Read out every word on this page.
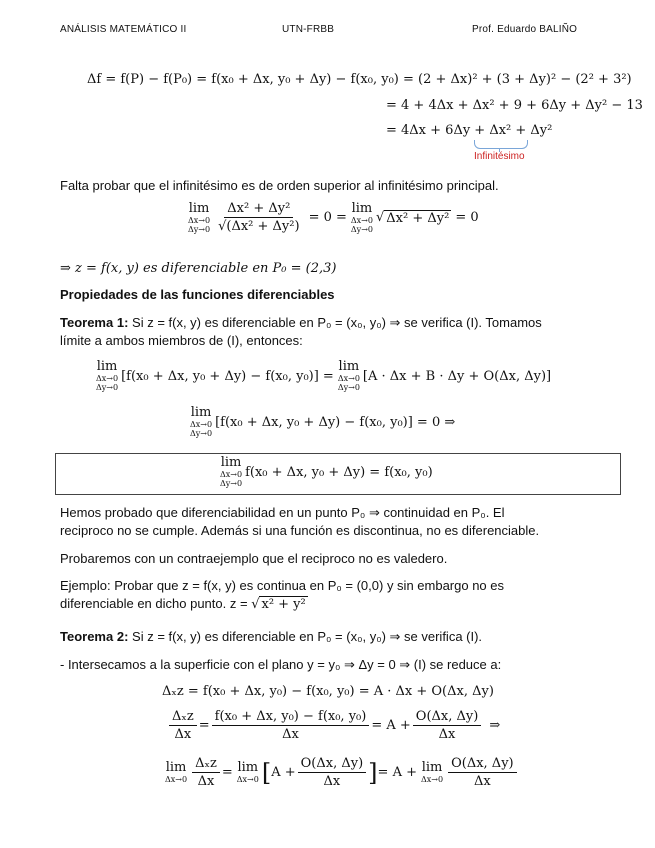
ANÁLISIS MATEMÁTICO II	UTN-FRBB	Prof. Eduardo BALIÑO
Δf = f(P) − f(P₀) = f(x₀ + Δx, y₀ + Δy) − f(x₀, y₀) = (2 + Δx)² + (3 + Δy)² − (2² + 3²)
= 4 + 4Δx + Δx² + 9 + 6Δy + Δy² − 13
= 4Δx + 6Δy + Δx² + Δy²
Infinitésimo
Falta probar que el infinitésimo es de orden superior al infinitésimo principal.
lim
Δx→0
$\Delta y\to 0 \frac{\text{Δx² + Δy²}}{\text{√(Δx² + Δy²)}} = 0$ =
lim
Δx→0
Δy→0
√ Δx² + Δy² = 0
⇒ z = f(x, y) es diferenciable en P₀ = (2,3)
Propiedades de las funciones diferenciables
Teorema 1: Si z = f(x, y) es diferenciable en P₀ = (x₀, y₀) ⇒ se verifica (I). Tomamos
límite a ambos miembros de (I), entonces:
lim
Δx→0
Δy→0
[f(x₀ + Δx, y₀ + Δy) − f(x₀, y₀)] =
lim
Δx→0
Δy→0
[A · Δx + B · Δy + O(Δx, Δy)]
lim
Δx→0
Δy→0
[f(x₀ + Δx, y₀ + Δy) − f(x₀, y₀)] = 0 ⇒
lim
Δx→0
Δy→0
f(x₀ + Δx, y₀ + Δy) = f(x₀, y₀)
Hemos probado que diferenciabilidad en un punto P₀ ⇒ continuidad en P₀. El
reciproco no se cumple. Además si una función es discontinua, no es diferenciable.
Probaremos con un contraejemplo que el reciproco no es valedero.
Ejemplo: Probar que z = f(x, y) es continua en P₀ = (0,0) y sin embargo no es
diferenciable en dicho punto. z = √ x² + y²
Teorema 2: Si z = f(x, y) es diferenciable en P₀ = (x₀, y₀) ⇒ se verifica (I).
- Intersecamos a la superficie con el plano y = y₀ ⇒ Δy = 0 ⇒ (I) se reduce a:
Δₓz = f(x₀ + Δx, y₀) − f(x₀, y₀) = A · Δx + O(Δx, Δy)
$\frac{\text{Δₓz}}{\Delta x} = \frac{\text{f(x₀ + Δx, y₀) − f(x₀, y₀)}}{\Delta x} = A + \frac{O(\Delta x, \Delta y)}{\Delta x}$ ⇒
lim
$\Delta x\to 0 \frac{\text{Δₓz}}{\Delta x} = \lim$
Δx→0 [ $A + \frac{O(\Delta x, \Delta y)}{\Delta x}$ ] = A + lim
$\Delta x\to 0 \frac{O(\Delta x, \Delta y)}{\Delta x}$
